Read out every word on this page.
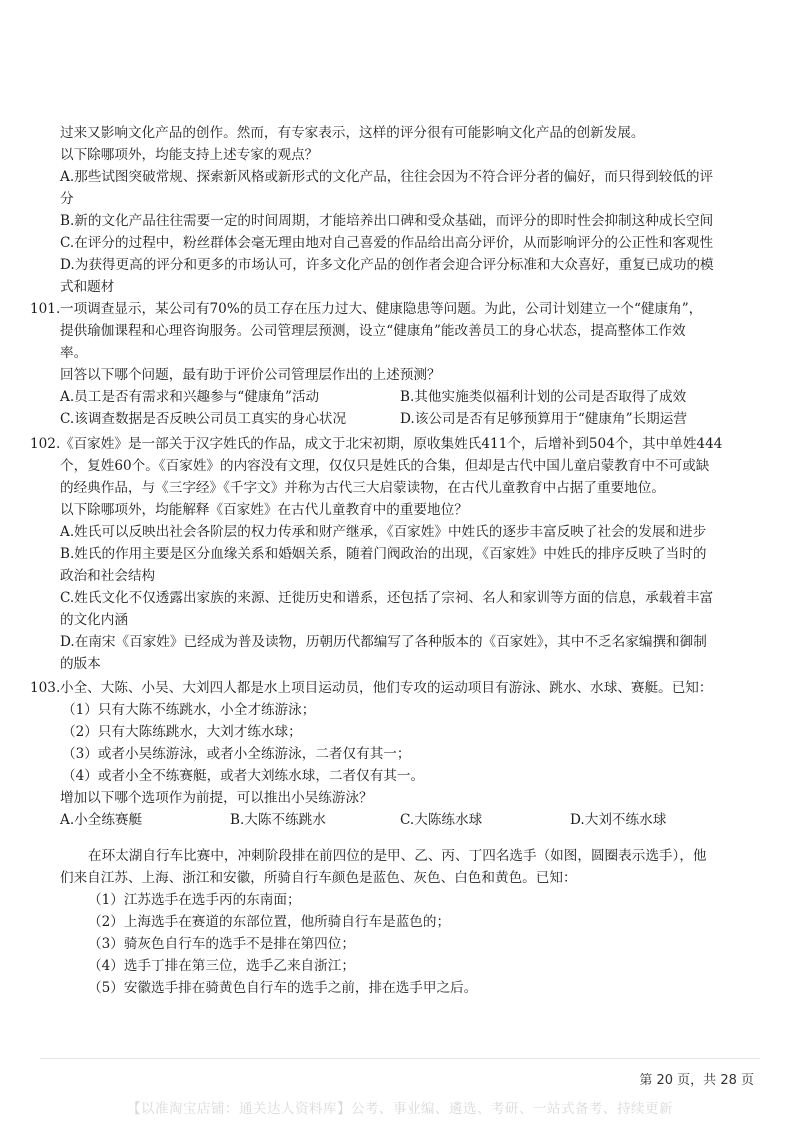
过来又影响文化产品的创作。然而，有专家表示，这样的评分很有可能影响文化产品的创新发展。
以下除哪项外，均能支持上述专家的观点？
A.那些试图突破常规、探索新风格或新形式的文化产品，往往会因为不符合评分者的偏好，而只得到较低的评
分
B.新的文化产品往往需要一定的时间周期，才能培养出口碑和受众基础，而评分的即时性会抑制这种成长空间
C.在评分的过程中，粉丝群体会毫无理由地对自己喜爱的作品给出高分评价，从而影响评分的公正性和客观性
D.为获得更高的评分和更多的市场认可，许多文化产品的创作者会迎合评分标准和大众喜好，重复已成功的模
式和题材
101. 一项调查显示，某公司有70%的员工存在压力过大、健康隐患等问题。为此，公司计划建立一个“健康角”，
提供瑜伽课程和心理咨询服务。公司管理层预测，设立“健康角”能改善员工的身心状态，提高整体工作效
率。
回答以下哪个问题，最有助于评价公司管理层作出的上述预测？
A.员工是否有需求和兴趣参与“健康角”活动	B.其他实施类似福利计划的公司是否取得了成效
C.该调查数据是否反映公司员工真实的身心状况	D.该公司是否有足够预算用于“健康角”长期运营
102. 《百家姓》是一部关于汉字姓氏的作品，成文于北宋初期，原收集姓氏411个，后增补到504个，其中单姓444
个，复姓60个。《百家姓》的内容没有文理，仅仅只是姓氏的合集，但却是古代中国儿童启蒙教育中不可或缺
的经典作品，与《三字经》《千字文》并称为古代三大启蒙读物，在古代儿童教育中占据了重要地位。
以下除哪项外，均能解释《百家姓》在古代儿童教育中的重要地位？
A.姓氏可以反映出社会各阶层的权力传承和财产继承，《百家姓》中姓氏的逐步丰富反映了社会的发展和进步
B.姓氏的作用主要是区分血缘关系和婚姻关系，随着门阀政治的出现，《百家姓》中姓氏的排序反映了当时的
政治和社会结构
C.姓氏文化不仅透露出家族的来源、迁徙历史和谱系，还包括了宗祠、名人和家训等方面的信息，承载着丰富
的文化内涵
D.在南宋《百家姓》已经成为普及读物，历朝历代都编写了各种版本的《百家姓》，其中不乏名家编撰和御制
的版本
103. 小全、大陈、小吴、大刘四人都是水上项目运动员，他们专攻的运动项目有游泳、跳水、水球、赛艇。已知：
（1）只有大陈不练跳水，小全才练游泳；
（2）只有大陈练跳水，大刘才练水球；
（3）或者小吴练游泳，或者小全练游泳，二者仅有其一；
（4）或者小全不练赛艇，或者大刘练水球，二者仅有其一。
增加以下哪个选项作为前提，可以推出小吴练游泳？
A.小全练赛艇	B.大陈不练跳水	C.大陈练水球	D.大刘不练水球
在环太湖自行车比赛中，冲刺阶段排在前四位的是甲、乙、丙、丁四名选手（如图，圆圈表示选手），他
们来自江苏、上海、浙江和安徽，所骑自行车颜色是蓝色、灰色、白色和黄色。已知：
（1）江苏选手在选手丙的东南面；
（2）上海选手在赛道的东部位置，他所骑自行车是蓝色的；
（3）骑灰色自行车的选手不是排在第四位；
（4）选手丁排在第三位，选手乙来自浙江；
（5）安徽选手排在骑黄色自行车的选手之前，排在选手甲之后。
第 20 页，共 28 页
【以准淘宝店铺：通关达人资料库】公考、事业编、遴选、考研、一站式备考、持续更新
